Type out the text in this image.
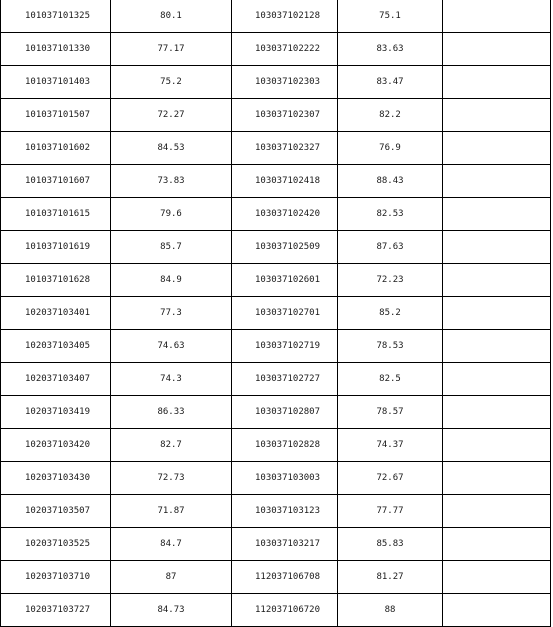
101037101325	80.1	103037102128	75.1	
101037101330	77.17	103037102222	83.63	
101037101403	75.2	103037102303	83.47	
101037101507	72.27	103037102307	82.2	
101037101602	84.53	103037102327	76.9	
101037101607	73.83	103037102418	88.43	
101037101615	79.6	103037102420	82.53	
101037101619	85.7	103037102509	87.63	
101037101628	84.9	103037102601	72.23	
102037103401	77.3	103037102701	85.2	
102037103405	74.63	103037102719	78.53	
102037103407	74.3	103037102727	82.5	
102037103419	86.33	103037102807	78.57	
102037103420	82.7	103037102828	74.37	
102037103430	72.73	103037103003	72.67	
102037103507	71.87	103037103123	77.77	
102037103525	84.7	103037103217	85.83	
102037103710	87	112037106708	81.27	
102037103727	84.73	112037106720	88	
